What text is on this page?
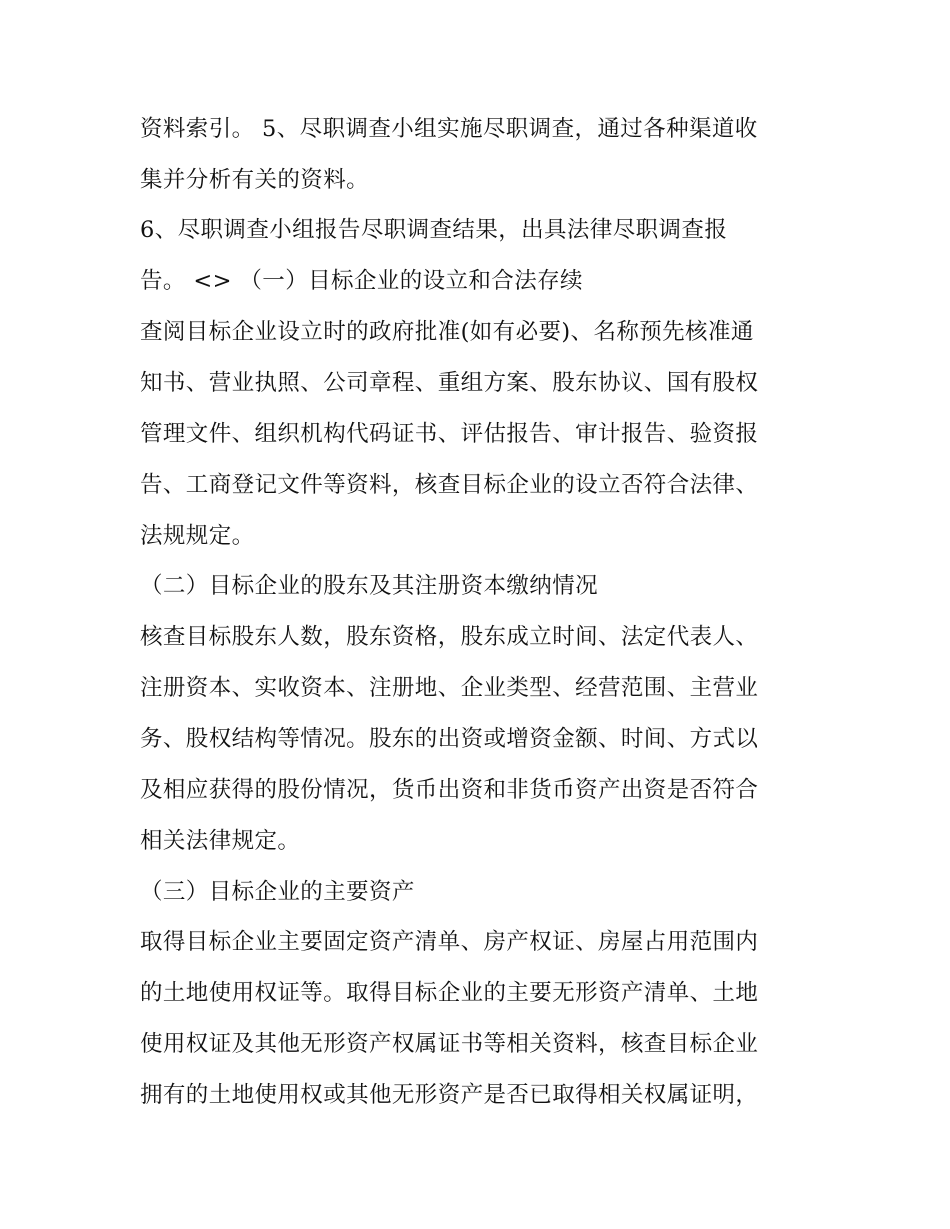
资料索引。 5、尽职调查小组实施尽职调查，通过各种渠道收
集并分析有关的资料。
6、尽职调查小组报告尽职调查结果，出具法律尽职调查报
告。 <> （一）目标企业的设立和合法存续
查阅目标企业设立时的政府批准(如有必要)、名称预先核准通
知书、营业执照、公司章程、重组方案、股东协议、国有股权
管理文件、组织机构代码证书、评估报告、审计报告、验资报
告、工商登记文件等资料，核查目标企业的设立否符合法律、
法规规定。
（二）目标企业的股东及其注册资本缴纳情况
核查目标股东人数，股东资格，股东成立时间、法定代表人、
注册资本、实收资本、注册地、企业类型、经营范围、主营业
务、股权结构等情况。股东的出资或增资金额、时间、方式以
及相应获得的股份情况，货币出资和非货币资产出资是否符合
相关法律规定。
（三）目标企业的主要资产
取得目标企业主要固定资产清单、房产权证、房屋占用范围内
的土地使用权证等。取得目标企业的主要无形资产清单、土地
使用权证及其他无形资产权属证书等相关资料，核查目标企业
拥有的土地使用权或其他无形资产是否已取得相关权属证明，
